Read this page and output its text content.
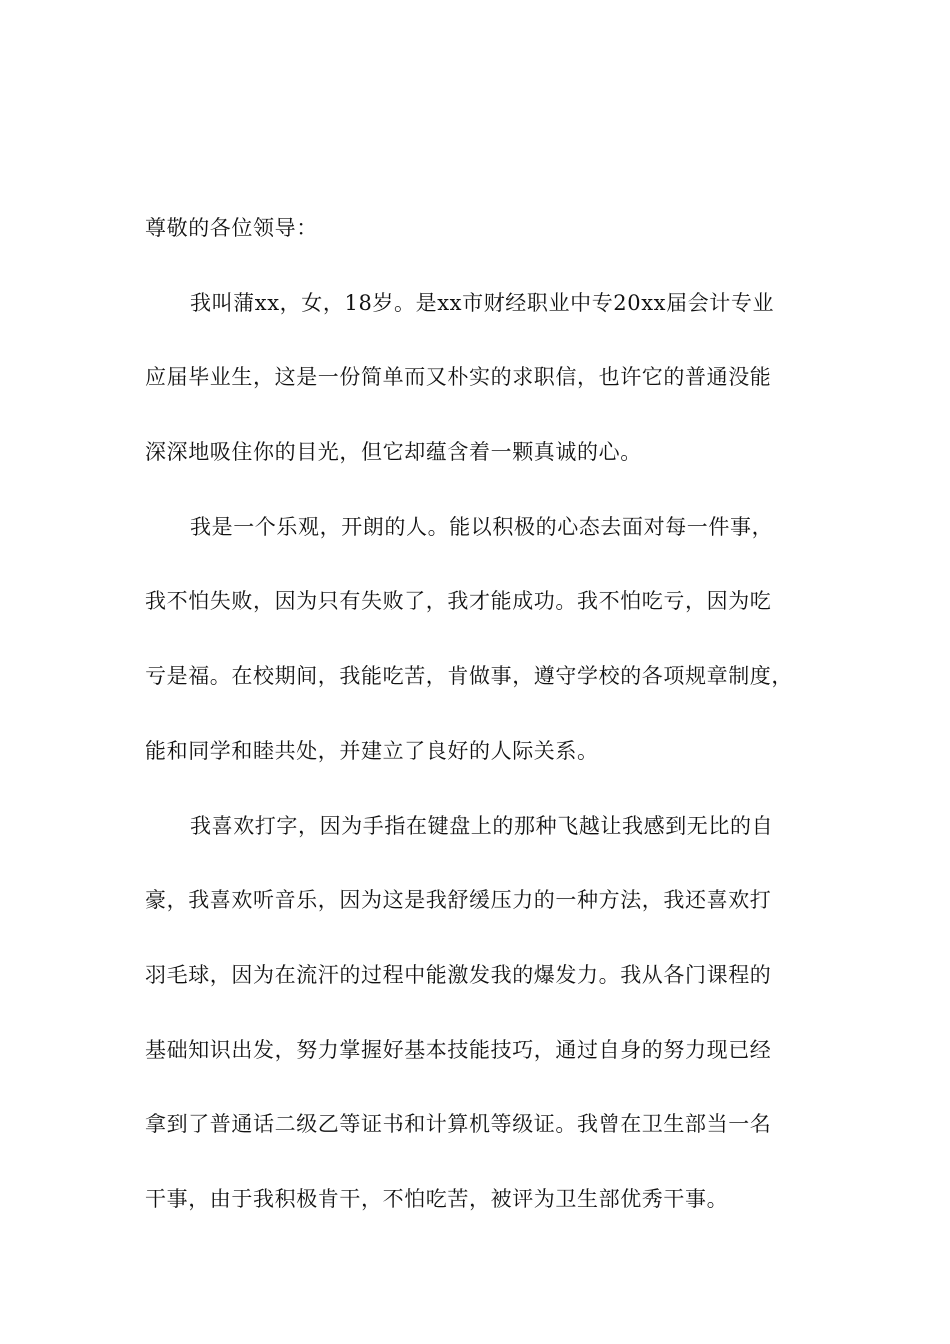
尊敬的各位领导：
我叫蒲xx，女，18岁。是xx市财经职业中专20xx届会计专业
应届毕业生，这是一份简单而又朴实的求职信，也许它的普通没能
深深地吸住你的目光，但它却蕴含着一颗真诚的心。
我是一个乐观，开朗的人。能以积极的心态去面对每一件事，
我不怕失败，因为只有失败了，我才能成功。我不怕吃亏，因为吃
亏是福。在校期间，我能吃苦，肯做事，遵守学校的各项规章制度，
能和同学和睦共处，并建立了良好的人际关系。
我喜欢打字，因为手指在键盘上的那种飞越让我感到无比的自
豪，我喜欢听音乐，因为这是我舒缓压力的一种方法，我还喜欢打
羽毛球，因为在流汗的过程中能激发我的爆发力。我从各门课程的
基础知识出发，努力掌握好基本技能技巧，通过自身的努力现已经
拿到了普通话二级乙等证书和计算机等级证。我曾在卫生部当一名
干事，由于我积极肯干，不怕吃苦，被评为卫生部优秀干事。
